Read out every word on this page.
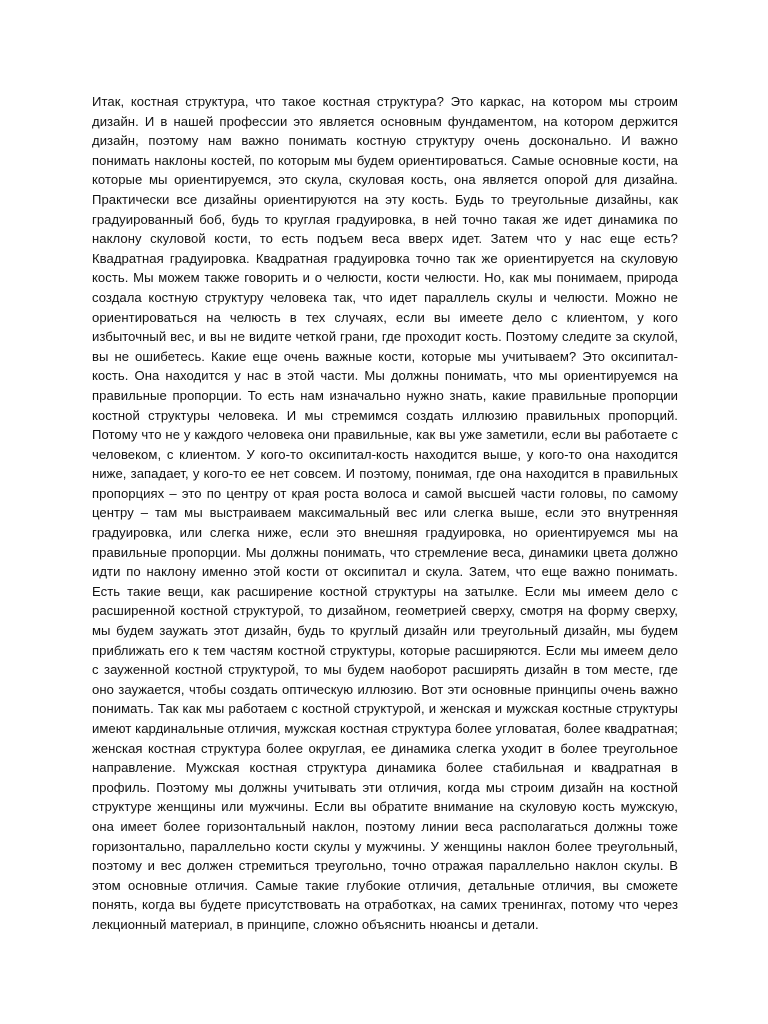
Итак, костная структура, что такое костная структура? Это каркас, на котором мы строим дизайн. И в нашей профессии это является основным фундаментом, на котором держится дизайн, поэтому нам важно понимать костную структуру очень досконально. И важно понимать наклоны костей, по которым мы будем ориентироваться. Самые основные кости, на которые мы ориентируемся, это скула, скуловая кость, она является опорой для дизайна. Практически все дизайны ориентируются на эту кость. Будь то треугольные дизайны, как градуированный боб, будь то круглая градуировка, в ней точно такая же идет динамика по наклону скуловой кости, то есть подъем веса вверх идет. Затем что у нас еще есть? Квадратная градуировка. Квадратная градуировка точно так же ориентируется на скуловую кость. Мы можем также говорить и о челюсти, кости челюсти. Но, как мы понимаем, природа создала костную структуру человека так, что идет параллель скулы и челюсти. Можно не ориентироваться на челюсть в тех случаях, если вы имеете дело с клиентом, у кого избыточный вес, и вы не видите четкой грани, где проходит кость. Поэтому следите за скулой, вы не ошибетесь. Какие еще очень важные кости, которые мы учитываем? Это оксипитал-кость. Она находится у нас в этой части. Мы должны понимать, что мы ориентируемся на правильные пропорции. То есть нам изначально нужно знать, какие правильные пропорции костной структуры человека. И мы стремимся создать иллюзию правильных пропорций. Потому что не у каждого человека они правильные, как вы уже заметили, если вы работаете с человеком, с клиентом. У кого-то оксипитал-кость находится выше, у кого-то она находится ниже, западает, у кого-то ее нет совсем. И поэтому, понимая, где она находится в правильных пропорциях – это по центру от края роста волоса и самой высшей части головы, по самому центру – там мы выстраиваем максимальный вес или слегка выше, если это внутренняя градуировка, или слегка ниже, если это внешняя градуировка, но ориентируемся мы на правильные пропорции. Мы должны понимать, что стремление веса, динамики цвета должно идти по наклону именно этой кости от оксипитал и скула. Затем, что еще важно понимать. Есть такие вещи, как расширение костной структуры на затылке. Если мы имеем дело с расширенной костной структурой, то дизайном, геометрией сверху, смотря на форму сверху, мы будем заужать этот дизайн, будь то круглый дизайн или треугольный дизайн, мы будем приближать его к тем частям костной структуры, которые расширяются. Если мы имеем дело с зауженной костной структурой, то мы будем наоборот расширять дизайн в том месте, где оно заужается, чтобы создать оптическую иллюзию. Вот эти основные принципы очень важно понимать. Так как мы работаем с костной структурой, и женская и мужская костные структуры имеют кардинальные отличия, мужская костная структура более угловатая, более квадратная; женская костная структура более округлая, ее динамика слегка уходит в более треугольное направление. Мужская костная структура динамика более стабильная и квадратная в профиль. Поэтому мы должны учитывать эти отличия, когда мы строим дизайн на костной структуре женщины или мужчины. Если вы обратите внимание на скуловую кость мужскую, она имеет более горизонтальный наклон, поэтому линии веса располагаться должны тоже горизонтально, параллельно кости скулы у мужчины. У женщины наклон более треугольный, поэтому и вес должен стремиться треугольно, точно отражая параллельно наклон скулы. В этом основные отличия. Самые такие глубокие отличия, детальные отличия, вы сможете понять, когда вы будете присутствовать на отработках, на самих тренингах, потому что через лекционный материал, в принципе, сложно объяснить нюансы и детали.
